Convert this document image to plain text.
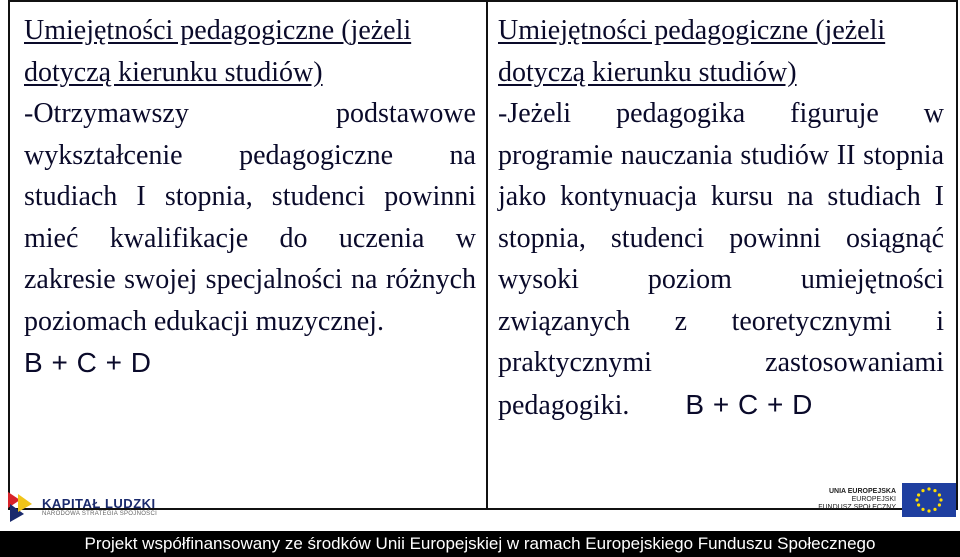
Umiejętności pedagogiczne (jeżeli dotyczą kierunku studiów)

-Otrzymawszy podstawowe wykształcenie pedagogiczne na studiach I stopnia, studenci powinni mieć kwalifikacje do uczenia w zakresie swojej specjalności na różnych poziomach edukacji muzycznej.

B + C + D

Umiejętności pedagogiczne (jeżeli dotyczą kierunku studiów)

-Jeżeli pedagogika figuruje w programie nauczania studiów II stopnia jako kontynuacja kursu na studiach I stopnia, studenci powinni osiągnąć wysoki poziom umiejętności związanych z teoretycznymi i praktycznymi zastosowaniami pedagogiki. B + C + D

KAPITAŁ LUDZKI
NARODOWA STRATEGIA SPÓJNOŚCI
UNIA EUROPEJSKA
EUROPEJSKI
FUNDUSZ SPOŁECZNY
Projekt współfinansowany ze środków Unii Europejskiej w ramach Europejskiego Funduszu Społecznego
